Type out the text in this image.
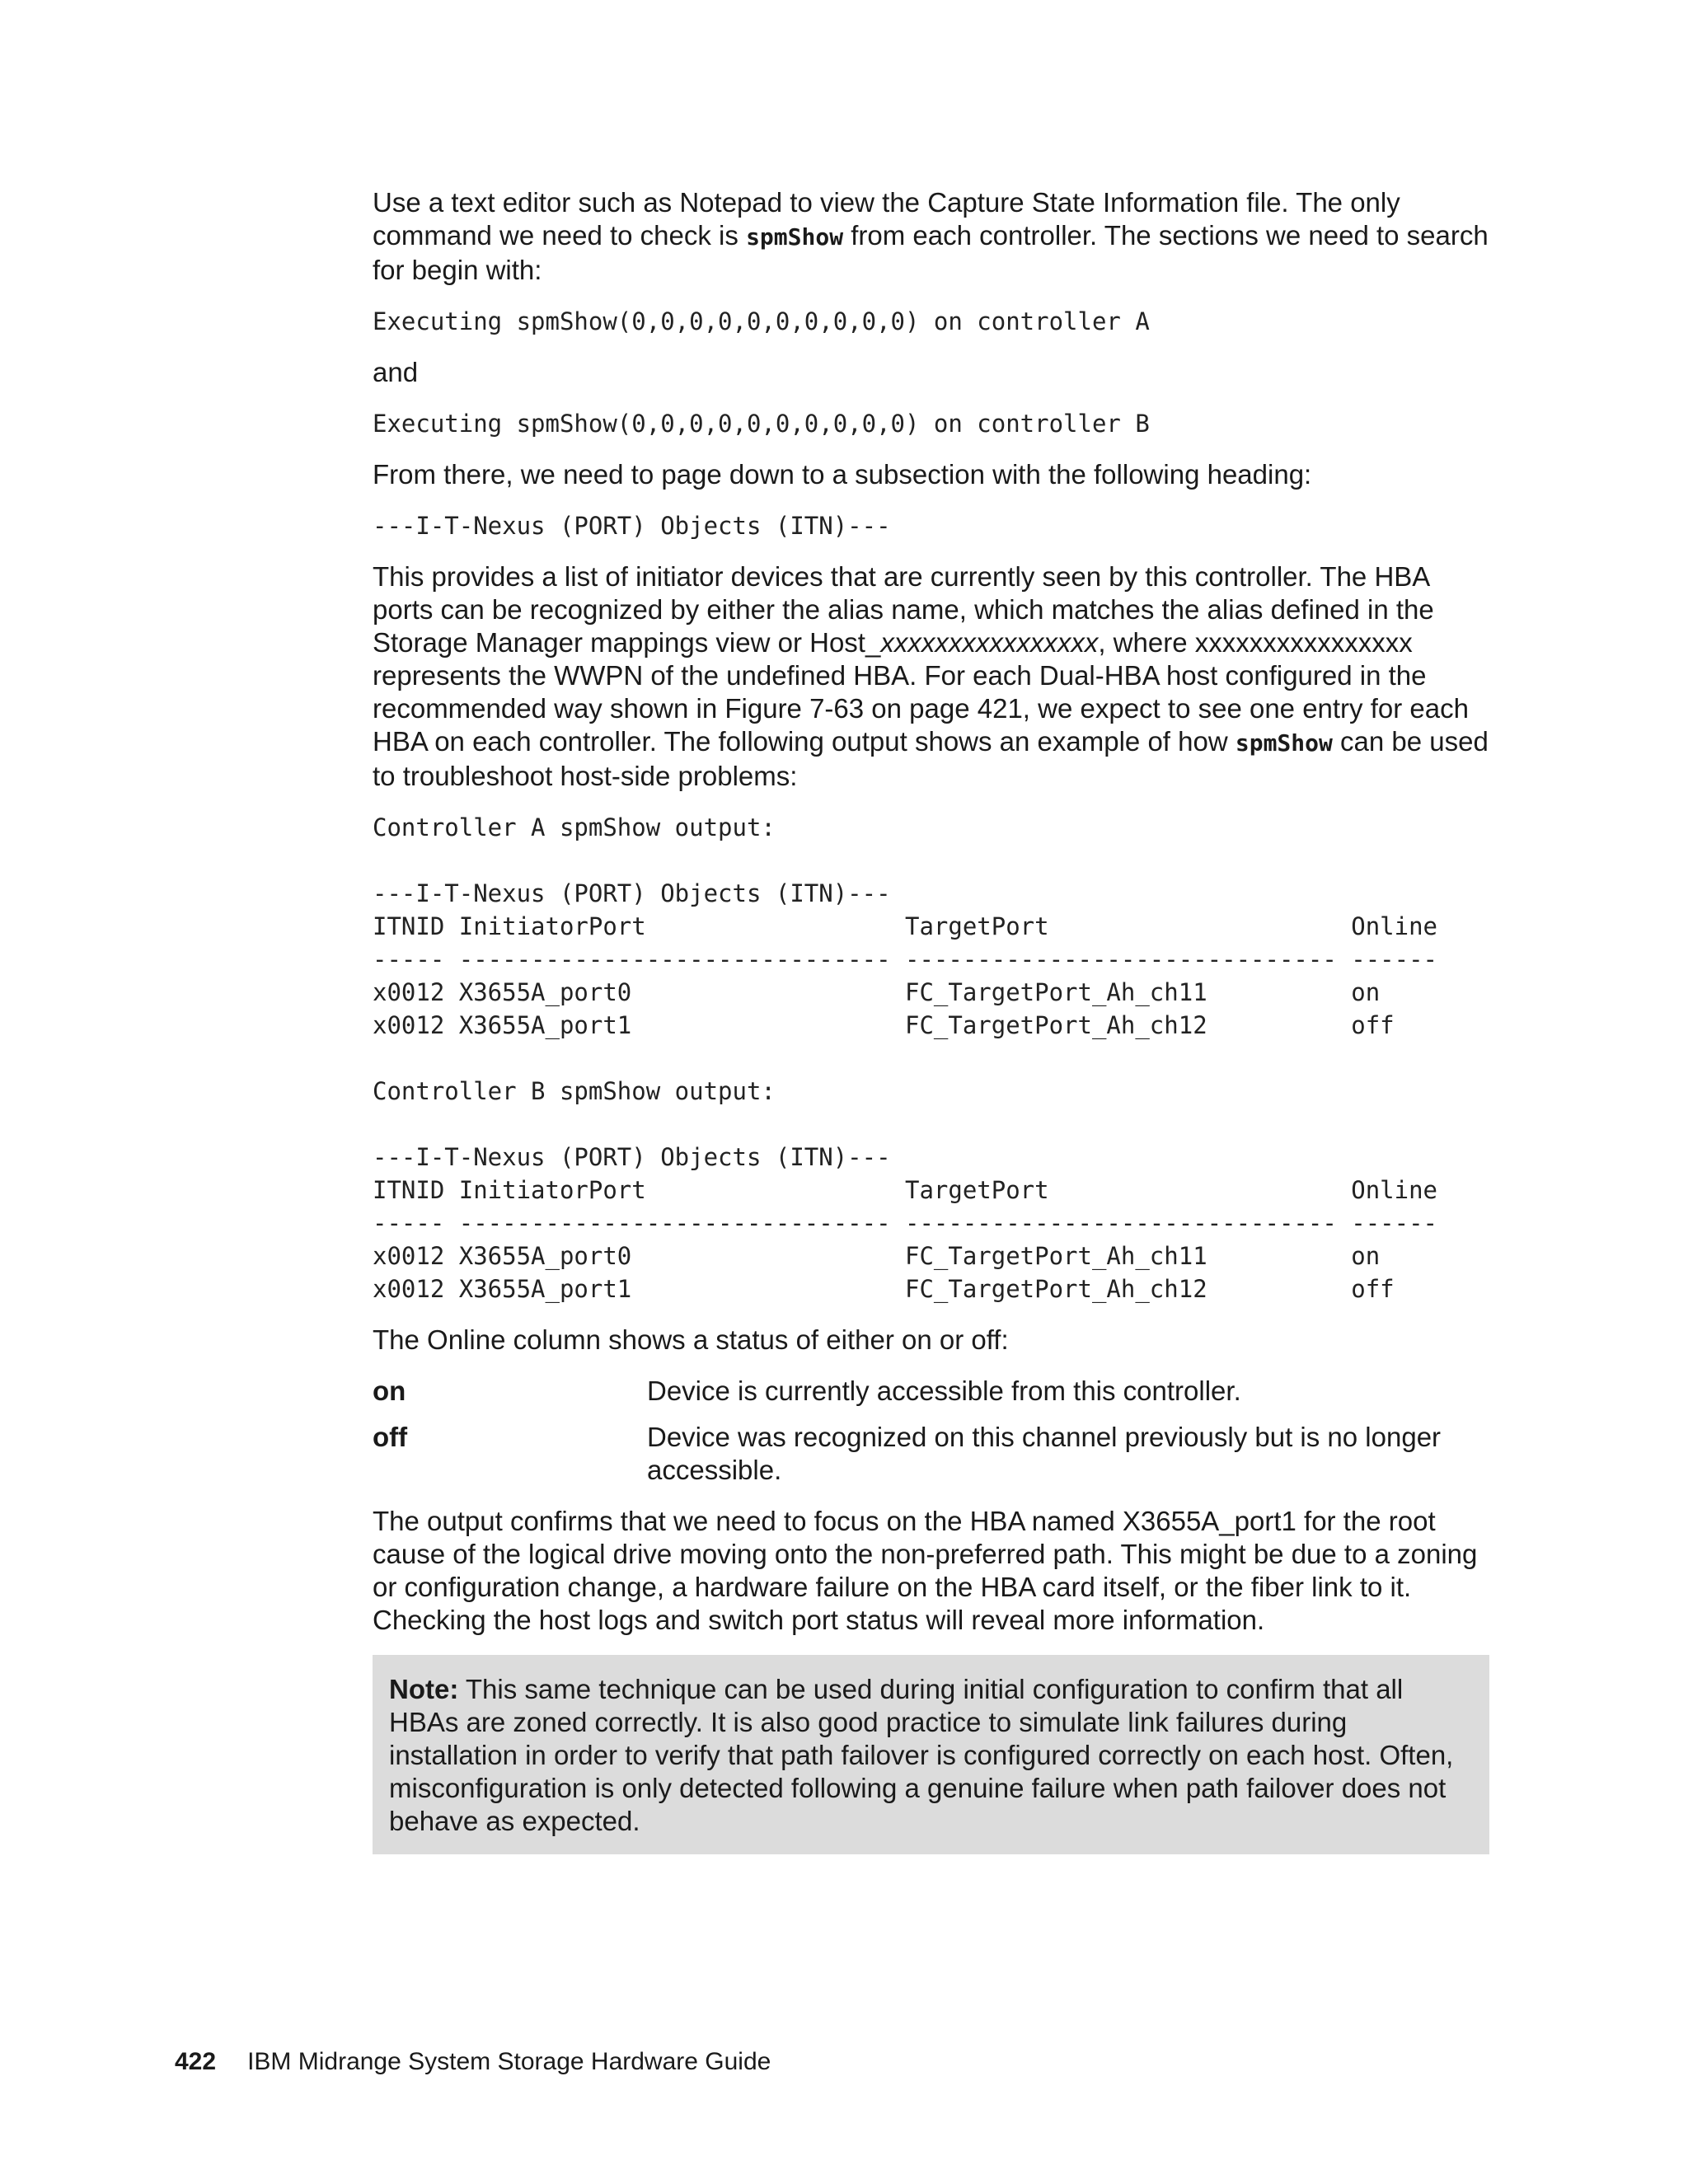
Use a text editor such as Notepad to view the Capture State Information file. The only command we need to check is spmShow from each controller. The sections we need to search for begin with:

Executing spmShow(0,0,0,0,0,0,0,0,0,0) on controller A

and

Executing spmShow(0,0,0,0,0,0,0,0,0,0) on controller B

From there, we need to page down to a subsection with the following heading:

---I-T-Nexus (PORT) Objects (ITN)---

This provides a list of initiator devices that are currently seen by this controller. The HBA ports can be recognized by either the alias name, which matches the alias defined in the Storage Manager mappings view or Host_xxxxxxxxxxxxxxxx, where xxxxxxxxxxxxxxxx represents the WWPN of the undefined HBA. For each Dual-HBA host configured in the recommended way shown in Figure 7-63 on page 421, we expect to see one entry for each HBA on each controller. The following output shows an example of how spmShow can be used to troubleshoot host-side problems:

Controller A spmShow output:

---I-T-Nexus (PORT) Objects (ITN)---
ITNID InitiatorPort                  TargetPort                     Online
----- ------------------------------ ------------------------------ ------
x0012 X3655A_port0                   FC_TargetPort_Ah_ch11          on
x0012 X3655A_port1                   FC_TargetPort_Ah_ch12          off

Controller B spmShow output:

---I-T-Nexus (PORT) Objects (ITN)---
ITNID InitiatorPort                  TargetPort                     Online
----- ------------------------------ ------------------------------ ------
x0012 X3655A_port0                   FC_TargetPort_Ah_ch11          on
x0012 X3655A_port1                   FC_TargetPort_Ah_ch12          off

The Online column shows a status of either on or off:

on	Device is currently accessible from this controller.
off	Device was recognized on this channel previously but is no longer accessible.

The output confirms that we need to focus on the HBA named X3655A_port1 for the root cause of the logical drive moving onto the non-preferred path. This might be due to a zoning or configuration change, a hardware failure on the HBA card itself, or the fiber link to it. Checking the host logs and switch port status will reveal more information.

Note: This same technique can be used during initial configuration to confirm that all HBAs are zoned correctly. It is also good practice to simulate link failures during installation in order to verify that path failover is configured correctly on each host. Often, misconfiguration is only detected following a genuine failure when path failover does not behave as expected.
422 IBM Midrange System Storage Hardware Guide
